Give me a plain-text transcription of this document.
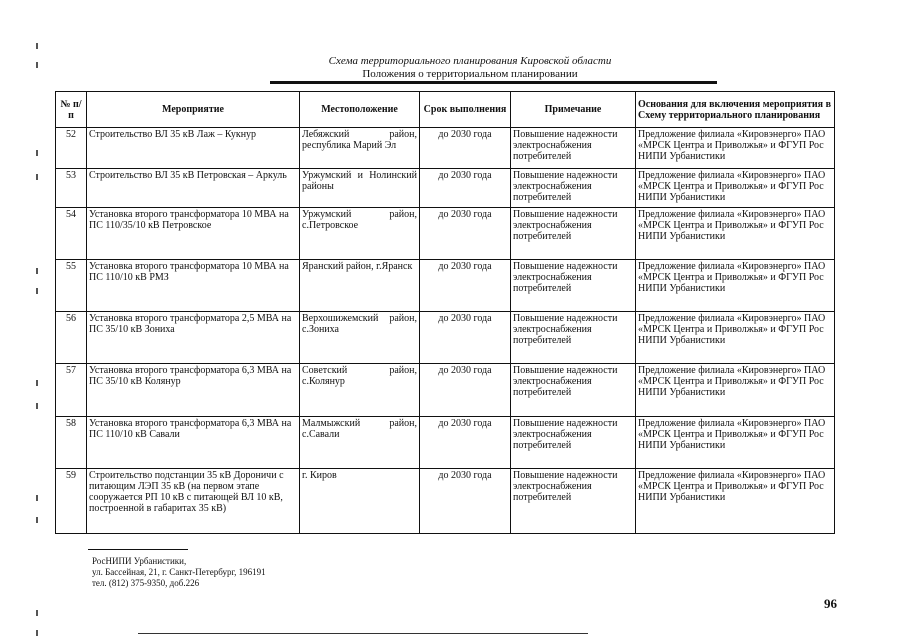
Схема территориального планирования Кировской области
Положения о территориальном планировании
№ п/п	Мероприятие	Местоположение	Срок выполнения	Примечание	Основания для включения мероприятия в Схему территориального планирования
52	Строительство ВЛ 35 кВ Лаж – Кукнур	Лебяжский район, республика Марий Эл	до 2030 года	Повышение надежности электроснабжения потребителей	Предложение филиала «Кировэнерго» ПАО «МРСК Центра и Приволжья» и ФГУП Рос НИПИ Урбанистики
53	Строительство ВЛ 35 кВ Петровская – Аркуль	Уржумский и Нолинский районы	до 2030 года	Повышение надежности электроснабжения потребителей	Предложение филиала «Кировэнерго» ПАО «МРСК Центра и Приволжья» и ФГУП Рос НИПИ Урбанистики
54	Установка второго трансформатора 10 МВА на ПС 110/35/10 кВ Петровское	Уржумский район, с.Петровское	до 2030 года	Повышение надежности электроснабжения потребителей	Предложение филиала «Кировэнерго» ПАО «МРСК Центра и Приволжья» и ФГУП Рос НИПИ Урбанистики
55	Установка второго трансформатора 10 МВА на ПС 110/10 кВ РМЗ	Яранский район, г.Яранск	до 2030 года	Повышение надежности электроснабжения потребителей	Предложение филиала «Кировэнерго» ПАО «МРСК Центра и Приволжья» и ФГУП Рос НИПИ Урбанистики
56	Установка второго трансформатора 2,5 МВА на ПС 35/10 кВ Зониха	Верхошижемский район, с.Зониха	до 2030 года	Повышение надежности электроснабжения потребителей	Предложение филиала «Кировэнерго» ПАО «МРСК Центра и Приволжья» и ФГУП Рос НИПИ Урбанистики
57	Установка второго трансформатора 6,3 МВА на ПС 35/10 кВ Колянур	Советский район, с.Колянур	до 2030 года	Повышение надежности электроснабжения потребителей	Предложение филиала «Кировэнерго» ПАО «МРСК Центра и Приволжья» и ФГУП Рос НИПИ Урбанистики
58	Установка второго трансформатора 6,3 МВА на ПС 110/10 кВ Савали	Малмыжский район, с.Савали	до 2030 года	Повышение надежности электроснабжения потребителей	Предложение филиала «Кировэнерго» ПАО «МРСК Центра и Приволжья» и ФГУП Рос НИПИ Урбанистики
59	Строительство подстанции 35 кВ Дороничи с питающим ЛЭП 35 кВ (на первом этапе сооружается РП 10 кВ с питающей ВЛ 10 кВ, построенной в габаритах 35 кВ)	г. Киров	до 2030 года	Повышение надежности электроснабжения потребителей	Предложение филиала «Кировэнерго» ПАО «МРСК Центра и Приволжья» и ФГУП Рос НИПИ Урбанистики
РосНИПИ Урбанистики,
ул. Бассейная, 21, г. Санкт-Петербург, 196191
тел. (812) 375-9350, доб.226
96
